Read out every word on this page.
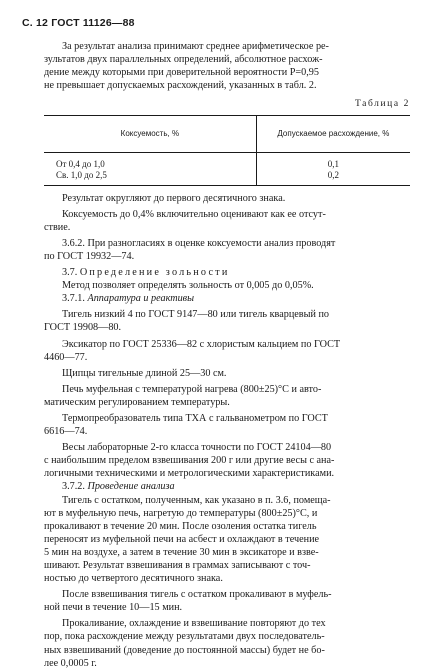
С. 12 ГОСТ 11126—88

За результат анализа принимают среднее арифметическое ре-

зультатов двух параллельных определений, абсолютное расхож-

дение между которыми при доверительной вероятности P=0,95

не превышает допускаемых расхождений, указанных в табл. 2.

Таблица 2
Коксуемость, %	Допускаемое расхождение, %
От 0,4 до 1,0	0,1
Св. 1,0 до 2,5	0,2

Результат округляют до первого десятичного знака.

Коксуемость до 0,4% включительно оценивают как ее отсут-

ствие.

3.6.2. При разногласиях в оценке коксуемости анализ проводят

по ГОСТ 19932—74.

3.7. Определение зольности

Метод позволяет определять зольность от 0,005 до 0,05%.

3.7.1. Аппаратура и реактивы

Тигель низкий 4 по ГОСТ 9147—80 или тигель кварцевый по

ГОСТ 19908—80.

Эксикатор по ГОСТ 25336—82 с хлористым кальцием по ГОСТ

4460—77.

Щипцы тигельные длиной 25—30 см.

Печь муфельная с температурой нагрева (800±25)°С и авто-

матическим регулированием температуры.

Термопреобразователь типа ТХА с гальванометром по ГОСТ

6616—74.

Весы лабораторные 2-го класса точности по ГОСТ 24104—80

с наибольшим пределом взвешивания 200 г или другие весы с ана-

логичными техническими и метрологическими характеристиками.

3.7.2. Проведение анализа

Тигель с остатком, полученным, как указано в п. 3.6, помеща-

ют в муфельную печь, нагретую до температуры (800±25)°С, и

прокаливают в течение 20 мин. После озоления остатка тигель

переносят из муфельной печи на асбест и охлаждают в течение

5 мин на воздухе, а затем в течение 30 мин в эксикаторе и взве-

шивают. Результат взвешивания в граммах записывают с точ-

ностью до четвертого десятичного знака.

После взвешивания тигель с остатком прокаливают в муфель-

ной печи в течение 10—15 мин.

Прокаливание, охлаждение и взвешивание повторяют до тех

пор, пока расхождение между результатами двух последователь-

ных взвешиваний (доведение до постоянной массы) будет не бо-

лее 0,0005 г.
